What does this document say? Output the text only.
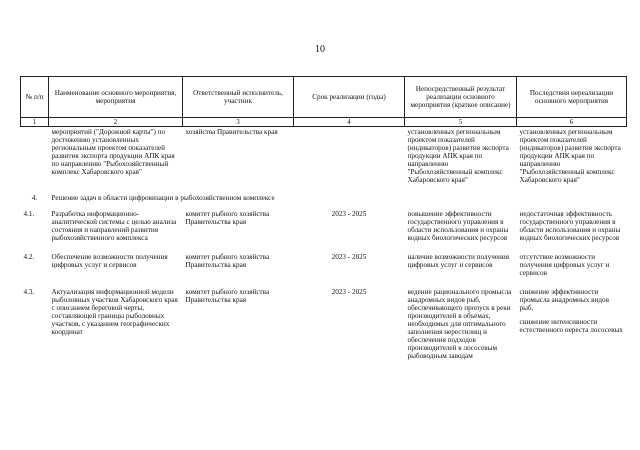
10
№ п/п	Наименование основного мероприятия, мероприятия	Ответственный исполнитель, участник	Срок реализации (годы)	Непосредственный результат реализации основного мероприятия (краткое описание)	Последствия нереализации основного мероприятия
1	2	3	4	5	6
	мероприятий ("Дорожной карты") по достижению установленных региональным проектом показателей развития экспорта продукции АПК края по направлению "Рыбохозяйственный комплекс Хабаровского края"	хозяйства Правительства края		установленных региональным проектом показателей (индикаторов) развития экспорта продукции АПК края по направлению "Рыбохозяйственный комплекс Хабаровского края"	установленных региональным проектом показателей (индикаторов) развития экспорта продукции АПК края по направлению "Рыбохозяйственный комплекс Хабаровского края"
4.	Решение задач в области цифровизации в рыбохозяйственном комплексе				
4.1.	Разработка информационно-аналитической системы с целью анализа состояния и направлений развития рыбохозяйственного комплекса	комитет рыбного хозяйства Правительства края	2023 - 2025	повышение эффективности государственного управления в области использования и охраны водных биологических ресурсов	недостаточная эффективность государственного управления в области использования и охраны водных биологических ресурсов
4.2.	Обеспечение возможности получения цифровых услуг и сервисов	комитет рыбного хозяйства Правительства края	2023 - 2025	наличие возможности получения цифровых услуг и сервисов	отсутствие возможности получения цифровых услуг и сервисов
4.3.	Актуализация информационной модели рыболовных участков Хабаровского края с описанием береговой черты, составляющей границы рыболовных участков, с указанием географических координат	комитет рыбного хозяйства Правительства края	2023 - 2025	ведение рационального промысла анадромных видов рыб, обеспечивающего пропуск в реки производителей в объемах, необходимых для оптимального заполнения нерестилищ и обеспечения подходов производителей к лососевым рыбоводным заводам	снижение эффективности промысла анадромных видов рыб,
снижение интенсивности естественного нереста лососевых
